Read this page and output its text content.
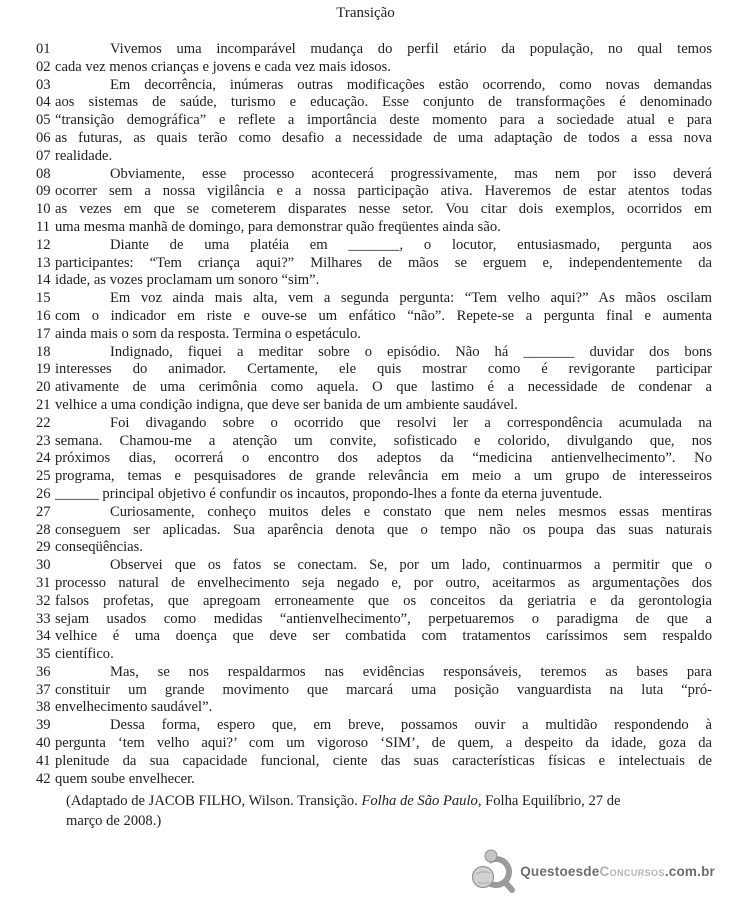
Transição
01	Vivemos uma incomparável mudança do perfil etário da população, no qual temos
02 cada vez menos crianças e jovens e cada vez mais idosos.
03	Em decorrência, inúmeras outras modificações estão ocorrendo, como novas demandas
04 aos sistemas de saúde, turismo e educação. Esse conjunto de transformações é denominado
05 “transição demográfica” e reflete a importância deste momento para a sociedade atual e para
06 as futuras, as quais terão como desafio a necessidade de uma adaptação de todos a essa nova
07 realidade.
08	Obviamente, esse processo acontecerá progressivamente, mas nem por isso deverá
09 ocorrer sem a nossa vigilância e a nossa participação ativa. Haveremos de estar atentos todas
10 as vezes em que se cometerem disparates nesse setor. Vou citar dois exemplos, ocorridos em
11 uma mesma manhã de domingo, para demonstrar quão freqüentes ainda são.
12	Diante de uma platéia em _______, o locutor, entusiasmado, pergunta aos
13 participantes: “Tem criança aqui?” Milhares de mãos se erguem e, independentemente da
14 idade, as vozes proclamam um sonoro “sim”.
15	Em voz ainda mais alta, vem a segunda pergunta: “Tem velho aqui?” As mãos oscilam
16 com o indicador em riste e ouve-se um enfático “não”. Repete-se a pergunta final e aumenta
17 ainda mais o som da resposta. Termina o espetáculo.
18	Indignado, fiquei a meditar sobre o episódio. Não há _______ duvidar dos bons
19 interesses do animador. Certamente, ele quis mostrar como é revigorante participar
20 ativamente de uma cerimônia como aquela. O que lastimo é a necessidade de condenar a
21 velhice a uma condição indigna, que deve ser banida de um ambiente saudável.
22	Foi divagando sobre o ocorrido que resolvi ler a correspondência acumulada na
23 semana. Chamou-me a atenção um convite, sofisticado e colorido, divulgando que, nos
24 próximos dias, ocorrerá o encontro dos adeptos da “medicina antienvelhecimento”. No
25 programa, temas e pesquisadores de grande relevância em meio a um grupo de interesseiros
26 ______ principal objetivo é confundir os incautos, propondo-lhes a fonte da eterna juventude.
27	Curiosamente, conheço muitos deles e constato que nem neles mesmos essas mentiras
28 conseguem ser aplicadas. Sua aparência denota que o tempo não os poupa das suas naturais
29 conseqüências.
30	Observei que os fatos se conectam. Se, por um lado, continuarmos a permitir que o
31 processo natural de envelhecimento seja negado e, por outro, aceitarmos as argumentações dos
32 falsos profetas, que apregoam erroneamente que os conceitos da geriatria e da gerontologia
33 sejam usados como medidas “antienvelhecimento”, perpetuaremos o paradigma de que a
34 velhice é uma doença que deve ser combatida com tratamentos caríssimos sem respaldo
35 científico.
36	Mas, se nos respaldarmos nas evidências responsáveis, teremos as bases para
37 constituir um grande movimento que marcará uma posição vanguardista na luta “pró-
38 envelhecimento saudável”.
39	Dessa forma, espero que, em breve, possamos ouvir a multidão respondendo à
40 pergunta ‘tem velho aqui?’ com um vigoroso ‘SIM’, de quem, a despeito da idade, goza da
41 plenitude da sua capacidade funcional, ciente das suas características físicas e intelectuais de
42 quem soube envelhecer.
(Adaptado de JACOB FILHO, Wilson. Transição. Folha de São Paulo, Folha Equilíbrio, 27 de
março de 2008.)
QuestoesdeConcursos.com.br
